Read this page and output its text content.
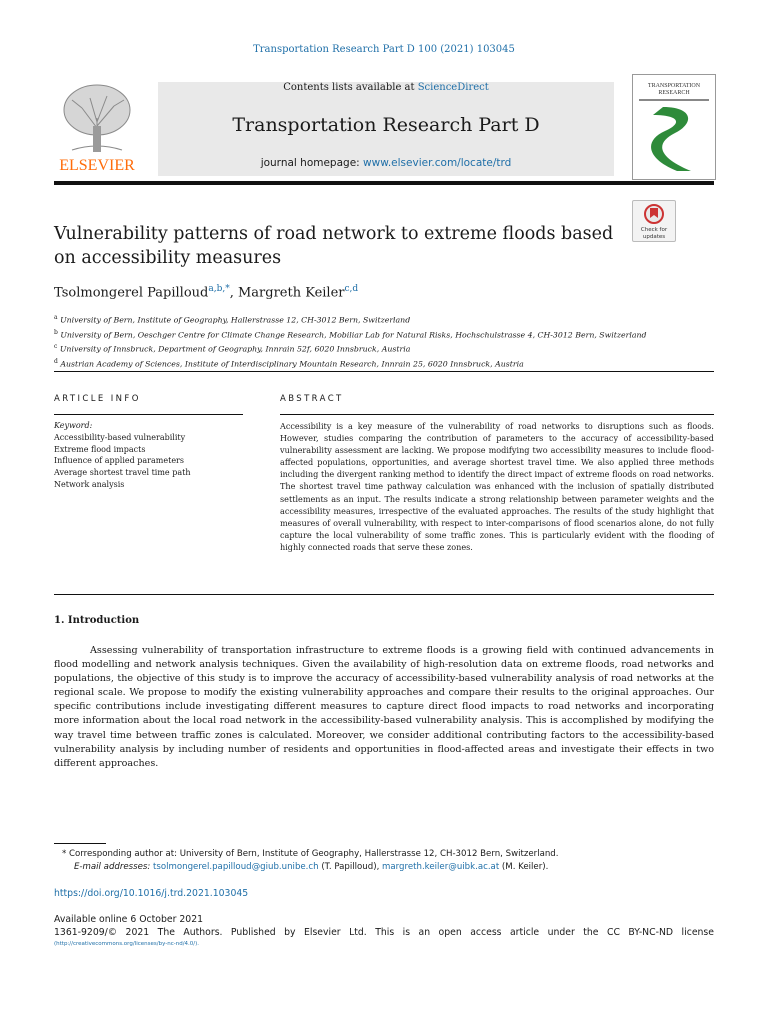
Transportation Research Part D 100 (2021) 103045
Contents lists available at ScienceDirect
Transportation Research Part D
journal homepage: www.elsevier.com/locate/trd
ELSEVIER
TRANSPORTATION
RESEARCH
Check for
updates
Vulnerability patterns of road network to extreme floods based on accessibility measures
Tsolmongerel Papilloud$^{a,b,*}$, Margreth Keiler$^{c,d}$
$^a$ University of Bern, Institute of Geography, Hallerstrasse 12, CH-3012 Bern, Switzerland
$^b$ University of Bern, Oeschger Centre for Climate Change Research, Mobiliar Lab for Natural Risks, Hochschulstrasse 4, CH-3012 Bern, Switzerland
$^c$ University of Innsbruck, Department of Geography, Innrain 52f, 6020 Innsbruck, Austria
$^d$ Austrian Academy of Sciences, Institute of Interdisciplinary Mountain Research, Innrain 25, 6020 Innsbruck, Austria
ARTICLE INFO	ABSTRACT
Keyword:
Accessibility-based vulnerability
Extreme flood impacts
Influence of applied parameters
Average shortest travel time path
Network analysis
Accessibility is a key measure of the vulnerability of road networks to disruptions such as floods. However, studies comparing the contribution of parameters to the accuracy of accessibility-based vulnerability assessment are lacking. We propose modifying two accessibility measures to include flood-affected populations, opportunities, and average shortest travel time. We also applied three methods including the divergent ranking method to identify the direct impact of extreme floods on road networks. The shortest travel time pathway calculation was enhanced with the inclusion of spatially distributed settlements as an input. The results indicate a strong relationship between parameter weights and the accessibility measures, irrespective of the evaluated approaches. The results of the study highlight that measures of overall vulnerability, with respect to inter-comparisons of flood scenarios alone, do not fully capture the local vulnerability of some traffic zones. This is particularly evident with the flooding of highly connected roads that serve these zones.
1. Introduction
Assessing vulnerability of transportation infrastructure to extreme floods is a growing field with continued advancements in flood modelling and network analysis techniques. Given the availability of high-resolution data on extreme floods, road networks and populations, the objective of this study is to improve the accuracy of accessibility-based vulnerability analysis of road networks at the regional scale. We propose to modify the existing vulnerability approaches and compare their results to the original approaches. Our specific contributions include investigating different measures to capture direct flood impacts to road networks and incorporating more information about the local road network in the accessibility-based vulnerability analysis. This is accomplished by modifying the way travel time between traffic zones is calculated. Moreover, we consider additional contributing factors to the accessibility-based vulnerability analysis by including number of residents and opportunities in flood-affected areas and investigate their effects in two different approaches.
* Corresponding author at: University of Bern, Institute of Geography, Hallerstrasse 12, CH-3012 Bern, Switzerland.
E-mail addresses: tsolmongerel.papilloud@giub.unibe.ch (T. Papilloud), margreth.keiler@uibk.ac.at (M. Keiler).
https://doi.org/10.1016/j.trd.2021.103045
Available online 6 October 2021
1361-9209/© 2021 The Authors. Published by Elsevier Ltd. This is an open access article under the CC BY-NC-ND license
(http://creativecommons.org/licenses/by-nc-nd/4.0/).
